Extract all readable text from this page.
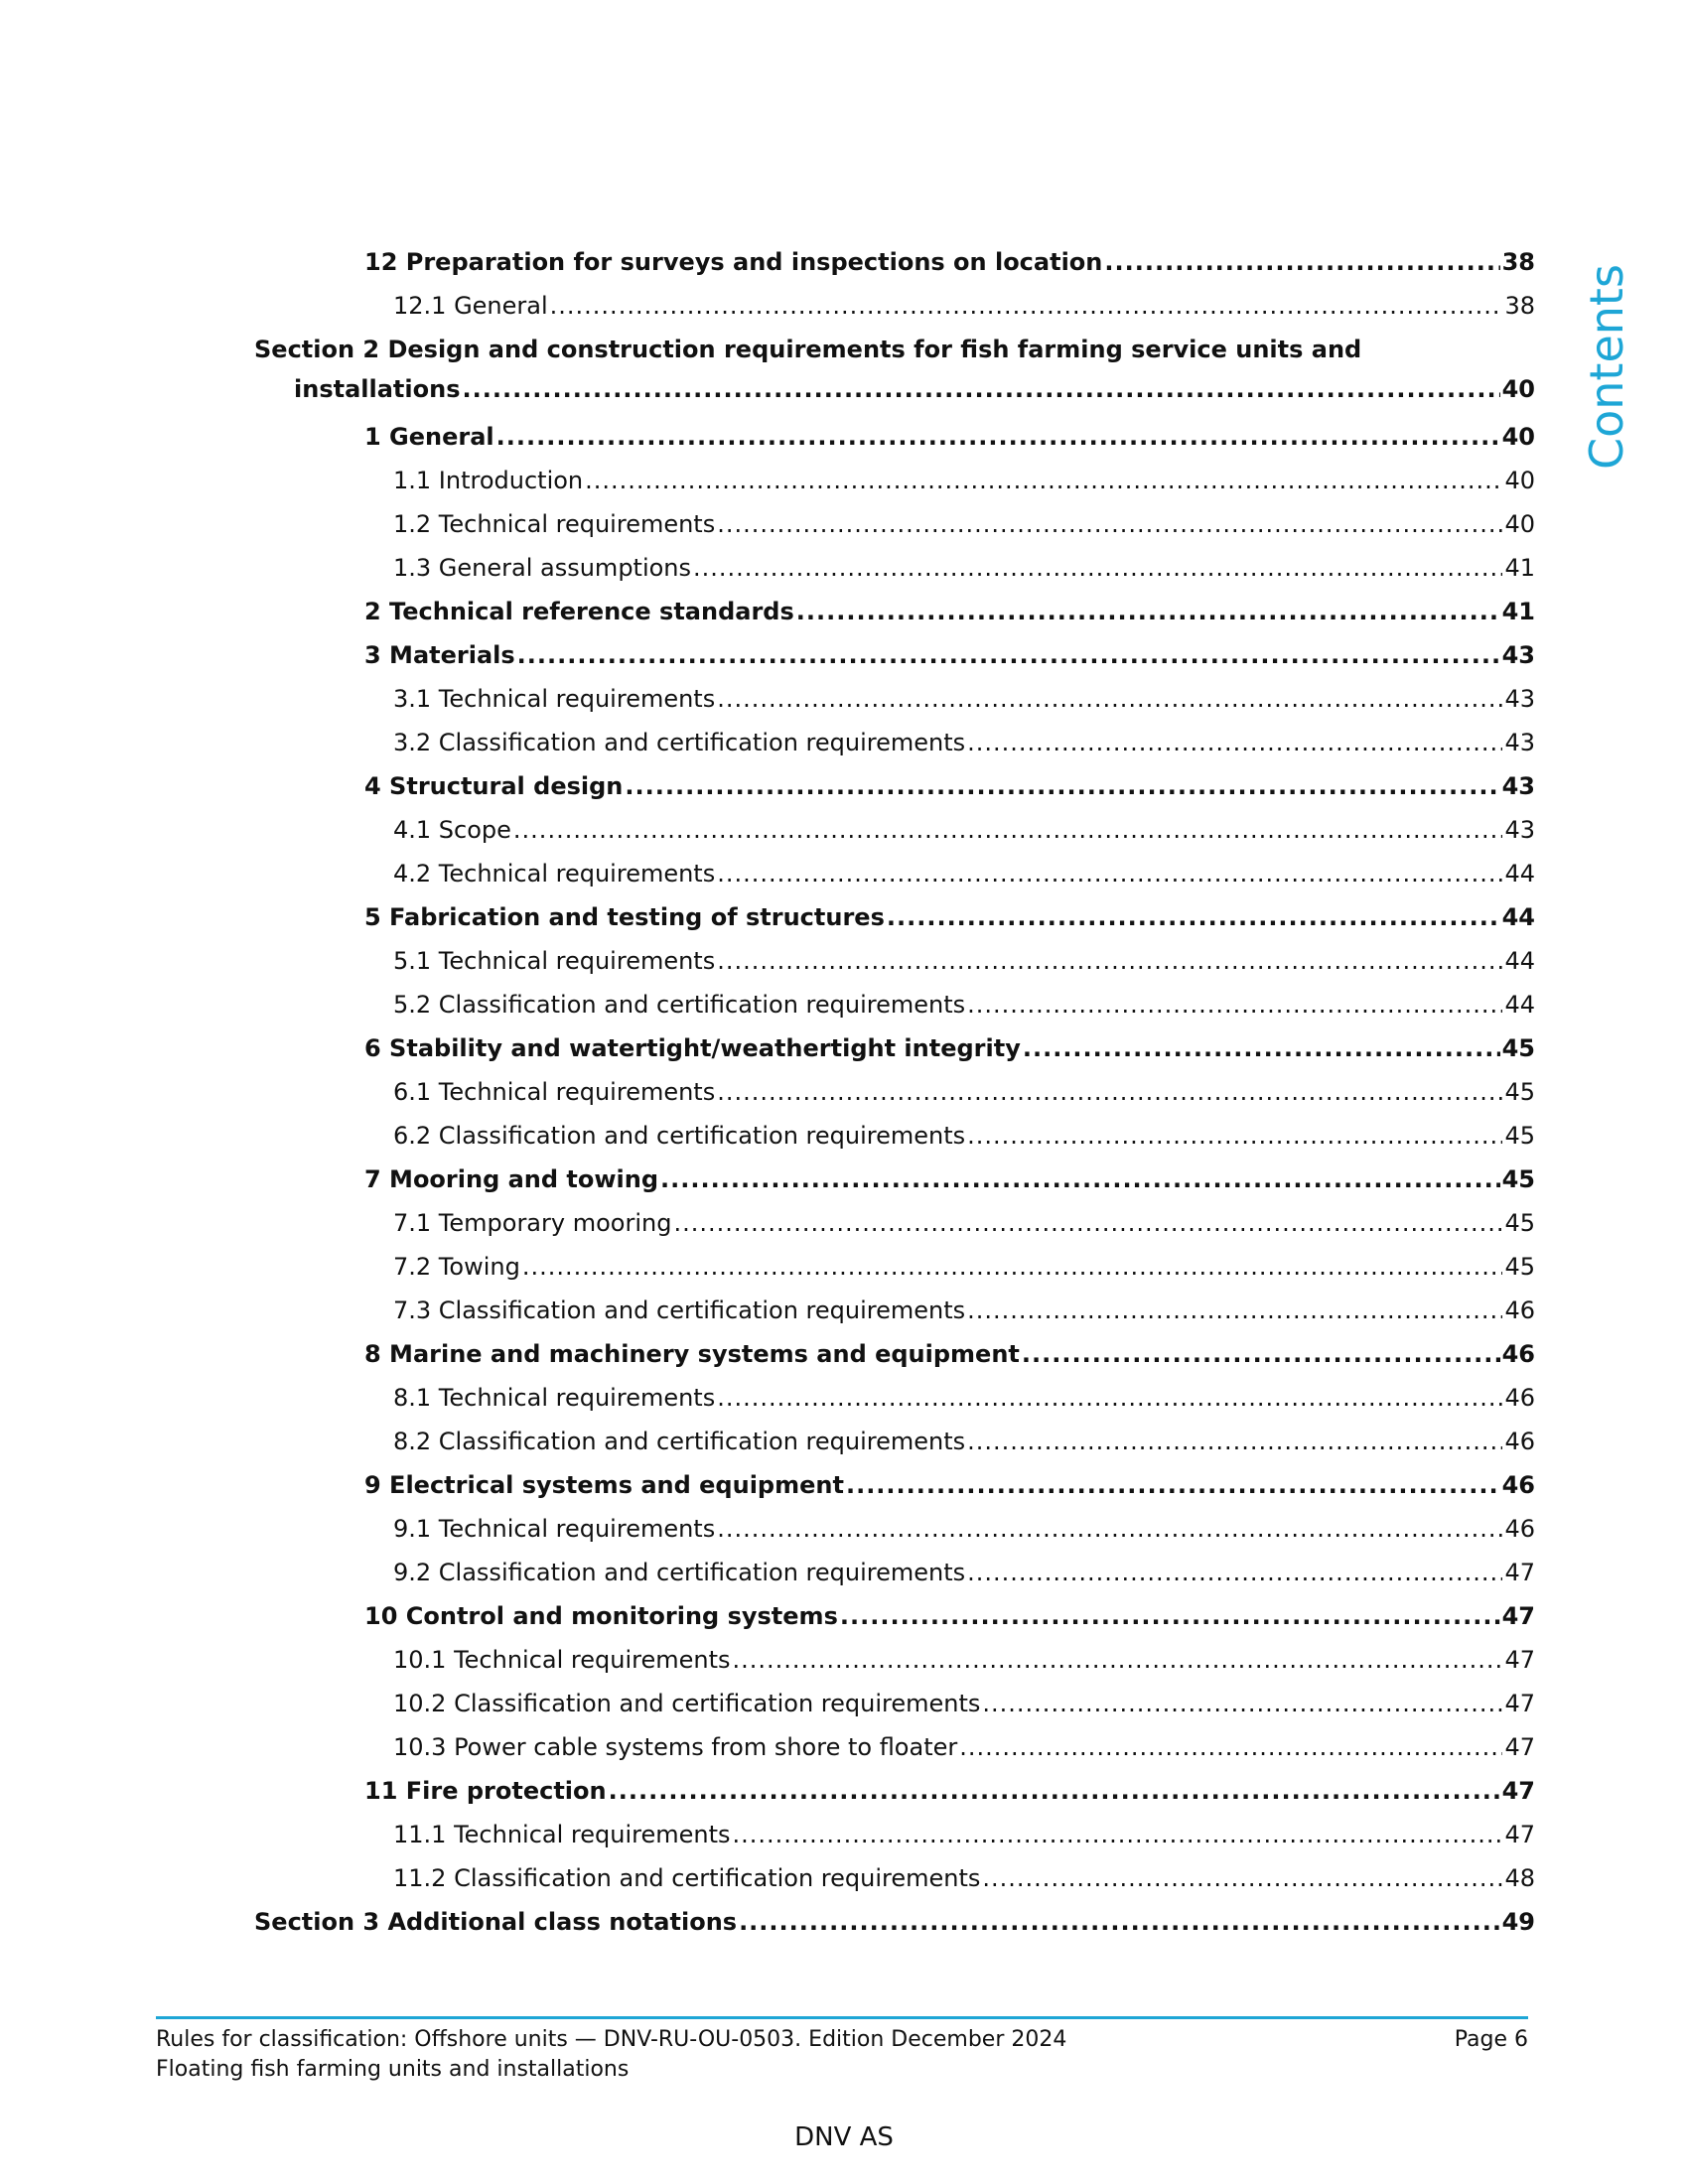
Contents
12 Preparation for surveys and inspections on location .....	38
12.1 General .....	38
Section 2 Design and construction requirements for fish farming service units and
installations .....	40
1 General .....	40
1.1 Introduction .....	40
1.2 Technical requirements .....	40
1.3 General assumptions .....	41
2 Technical reference standards .....	41
3 Materials .....	43
3.1 Technical requirements .....	43
3.2 Classification and certification requirements .....	43
4 Structural design .....	43
4.1 Scope .....	43
4.2 Technical requirements .....	44
5 Fabrication and testing of structures .....	44
5.1 Technical requirements .....	44
5.2 Classification and certification requirements .....	44
6 Stability and watertight/weathertight integrity .....	45
6.1 Technical requirements .....	45
6.2 Classification and certification requirements .....	45
7 Mooring and towing .....	45
7.1 Temporary mooring .....	45
7.2 Towing .....	45
7.3 Classification and certification requirements .....	46
8 Marine and machinery systems and equipment .....	46
8.1 Technical requirements .....	46
8.2 Classification and certification requirements .....	46
9 Electrical systems and equipment .....	46
9.1 Technical requirements .....	46
9.2 Classification and certification requirements .....	47
10 Control and monitoring systems .....	47
10.1 Technical requirements .....	47
10.2 Classification and certification requirements .....	47
10.3 Power cable systems from shore to floater .....	47
11 Fire protection .....	47
11.1 Technical requirements .....	47
11.2 Classification and certification requirements .....	48
Section 3 Additional class notations .....	49
Rules for classification: Offshore units — DNV-RU-OU-0503. Edition December 2024	Page 6
Floating fish farming units and installations
DNV AS
